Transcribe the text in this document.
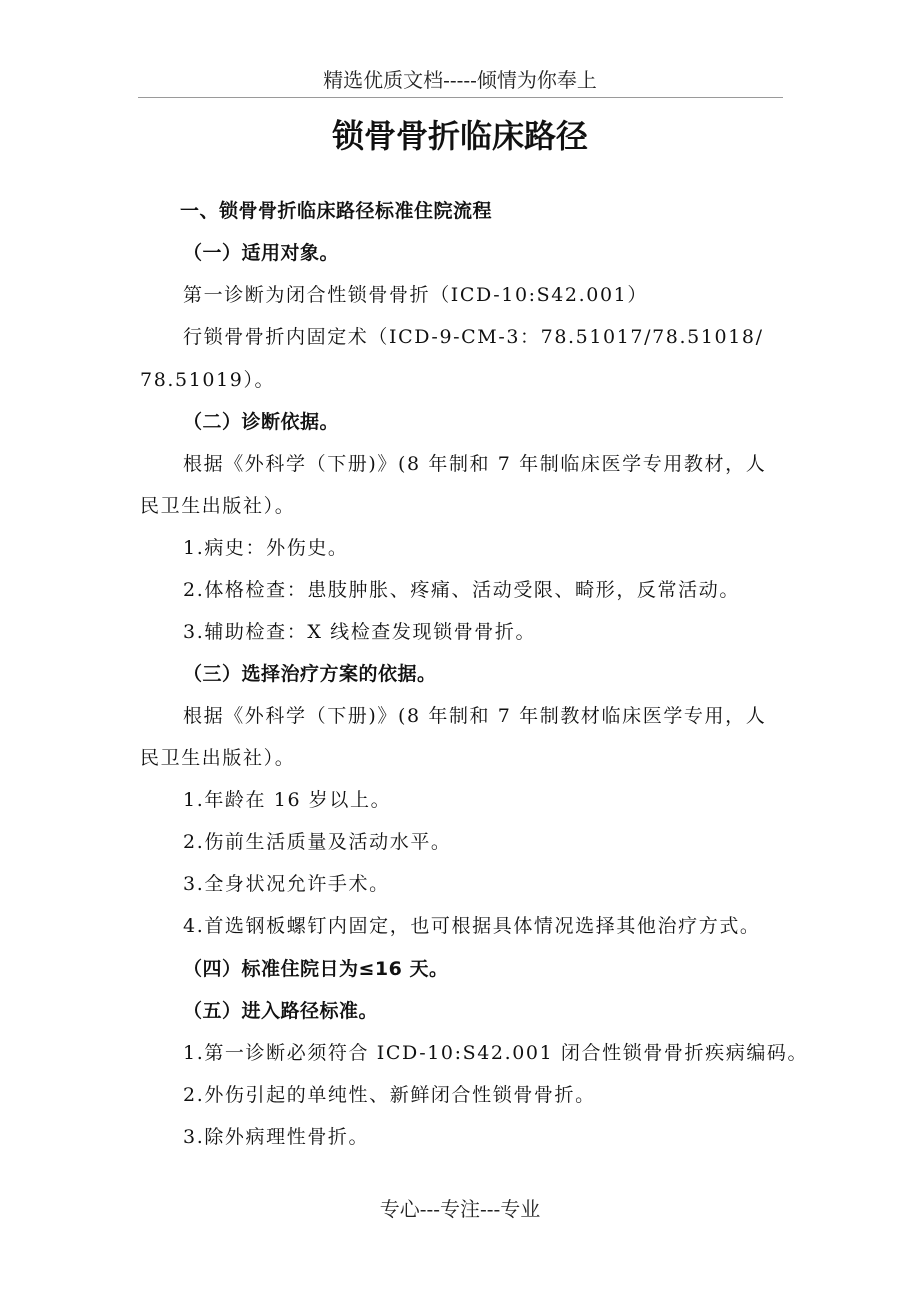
精选优质文档-----倾情为你奉上
锁骨骨折临床路径
一、锁骨骨折临床路径标准住院流程
（一）适用对象。
第一诊断为闭合性锁骨骨折（ICD-10:S42.001）
行锁骨骨折内固定术（ICD-9-CM-3：78.51017/78.51018/
78.51019）。
（二）诊断依据。
根据《外科学（下册)》(8 年制和 7 年制临床医学专用教材，人
民卫生出版社）。
1.病史：外伤史。
2.体格检查：患肢肿胀、疼痛、活动受限、畸形，反常活动。
3.辅助检查：X 线检查发现锁骨骨折。
（三）选择治疗方案的依据。
根据《外科学（下册)》(8 年制和 7 年制教材临床医学专用，人
民卫生出版社）。
1.年龄在 16 岁以上。
2.伤前生活质量及活动水平。
3.全身状况允许手术。
4.首选钢板螺钉内固定，也可根据具体情况选择其他治疗方式。
（四）标准住院日为≤16 天。
（五）进入路径标准。
1.第一诊断必须符合 ICD-10:S42.001 闭合性锁骨骨折疾病编码。
2.外伤引起的单纯性、新鲜闭合性锁骨骨折。
3.除外病理性骨折。
专心---专注---专业
